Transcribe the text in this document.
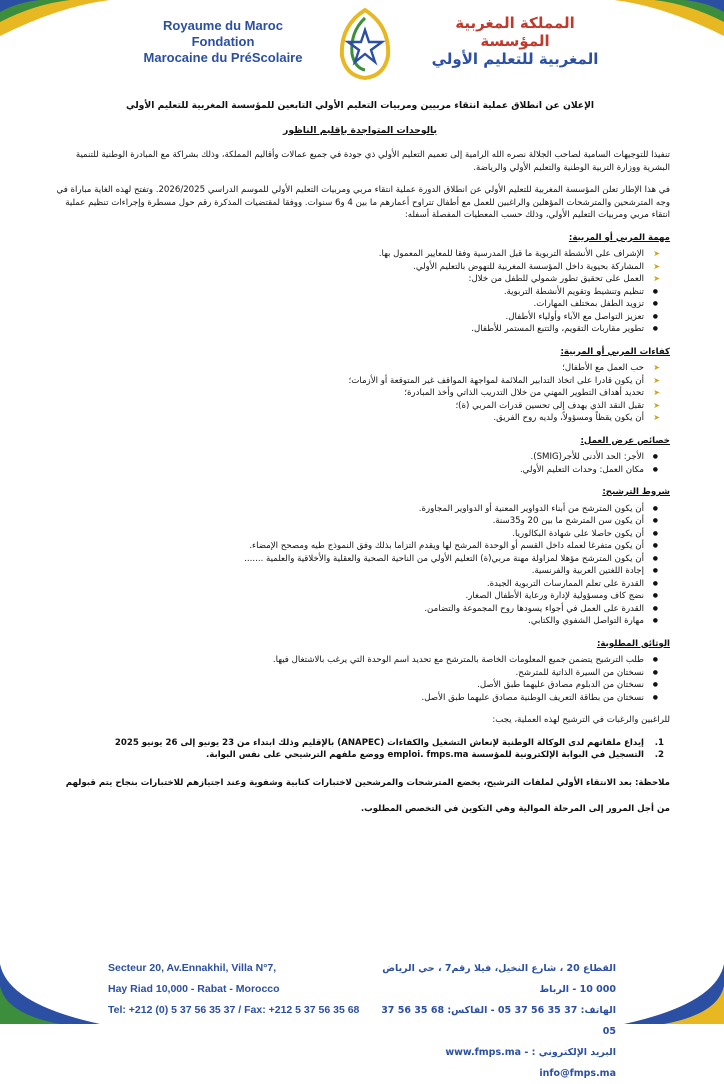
Royaume du Maroc
Fondation
Marocaine du PréScolaire
المملكة المغربية
المؤسسة
المغربية للتعليم الأولي
الإعلان عن انطلاق عملية انتقاء مربيين ومربيات التعليم الأولي التابعين للمؤسسة المغربية للتعليم الأولي
بالوحدات المتواجدة بإقليم الناظور

تنفيذا للتوجيهات السامية لصاحب الجلالة نصره الله الرامية إلى تعميم التعليم الأولي ذي جودة في جميع عمالات وأقاليم المملكة، وذلك بشراكة مع المبادرة الوطنية للتنمية البشرية ووزارة التربية الوطنية والتعليم الأولي والرياضة.

في هذا الإطار تعلن المؤسسة المغربية للتعليم الأولي عن انطلاق الدورة عملية انتقاء مربي ومربيات التعليم الأولي للموسم الدراسي 2026/2025. وتفتح لهذه الغاية مباراة في وجه المترشحين والمترشحات المؤهلين والراغبين للعمل مع أطفال تتراوح أعمارهم ما بين 4 و6 سنوات. ووفقا لمقتضيات المذكرة رقم حول مسطرة وإجراءات تنظيم عملية انتقاء مربي ومربيات التعليم الأولي، وذلك حسب المعطيات المفصلة أسفله:

مهمة المربي أو المربية:
➤ الإشراف على الأنشطة التربوية ما قبل المدرسية وفقا للمعايير المعمول بها.
➤ المشاركة بحيوية داخل المؤسسة المغربية للنهوض بالتعليم الأولي.
➤ العمل على تحقيق تطور شمولي للطفل من خلال:
● تنظيم وتنشيط وتقويم الأنشطة التربوية.
● تزويد الطفل بمختلف المهارات.
● تعزيز التواصل مع الآباء وأولياء الأطفال.
● تطوير مقاربات التقويم، والتتبع المستمر للأطفال.
كفاءات المربي أو المربية:
➤ حب العمل مع الأطفال؛
➤ أن يكون قادرا على اتخاذ التدابير الملائمة لمواجهة المواقف غير المتوقعة أو الأزمات؛
➤ تحديد أهداف التطوير المهني من خلال التدريب الذاتي وأخذ المبادرة؛
➤ تقبل النقد الذي يهدف إلى تحسين قدرات المربي (ة)؛
➤ أن يكون يقظاً ومسؤولاً، ولديه روح الفريق.
خصائص عرض العمل:
● الأجر: الحد الأدنى للأجر(SMIG).
● مكان العمل: وحدات التعليم الأولي.
شروط الترشيح:
● أن يكون المترشح من أبناء الدواوير المعنية أو الدواوير المجاورة.
● أن يكون سن المترشح ما بين 20 و35سنة.
● أن يكون حاصلا على شهادة البكالوريا.
● أن يكون متفرغا لعمله داخل القسم أو الوحدة المرشح لها ويقدم التزاما بذلك وفق النموذج طيه ومصحح الإمضاء.
● أن يكون المترشح مؤهلا لمزاولة مهنة مربي(ة) التعليم الأولي من الناحية الصحية والعقلية والأخلاقية والعلمية .......
● إجادة اللغتين العربية والفرنسية.
● القدرة على تعلم الممارسات التربوية الجيدة.
● نضج كاف ومسؤولية لإدارة ورعاية الأطفال الصغار.
● القدرة على العمل في أجواء يسودها روح المجموعة والتضامن.
● مهارة التواصل الشفوي والكتابي.
الوثائق المطلوبة:
● طلب الترشيح يتضمن جميع المعلومات الخاصة بالمترشح مع تحديد اسم الوحدة التي يرغب بالاشتغال فيها.
● نسختان من السيرة الذاتية للمترشح.
● نسختان من الدبلوم مصادق عليهما طبق الأصل.
● نسختان من بطاقة التعريف الوطنية مصادق عليهما طبق الأصل.

للراغبين والرغبات في الترشيح لهذه العملية، يجب:

1.
إيداع ملفاتهم لدى الوكالة الوطنية لإنعاش التشغيل والكفاءات (ANAPEC) بالإقليم وذلك ابتداء من 23 يونيو إلى 26 يونيو 2025
2.
التسجيل في البوابة الإلكترونية للمؤسسة emploi. fmps.ma ووضع ملفهم الترشيحي على نفس البوابة.

ملاحظة: بعد الانتقاء الأولي لملفات الترشيح، يخضع المترشحات والمرشحين لاختبارات كتابية وشفوية وعند اجتيازهم للاختبارات بنجاح يتم قبولهم من أجل المرور إلى المرحلة الموالية وهي التكوين في التخصص المطلوب.

Secteur 20, Av.Ennakhil, Villa N°7,
Hay Riad 10,000 - Rabat - Morocco
Tel: +212 (0) 5 37 56 35 37 / Fax: +212 5 37 56 35 68
القطاع 20 ، شارع النخيل، فيلا رقم7 ، حي الرياض 000 10 - الرباط
الهاتف: 37 35 56 37 05 - الفاكس: 68 35 56 37 05
البريد الإلكتروني : www.fmps.ma - info@fmps.ma
